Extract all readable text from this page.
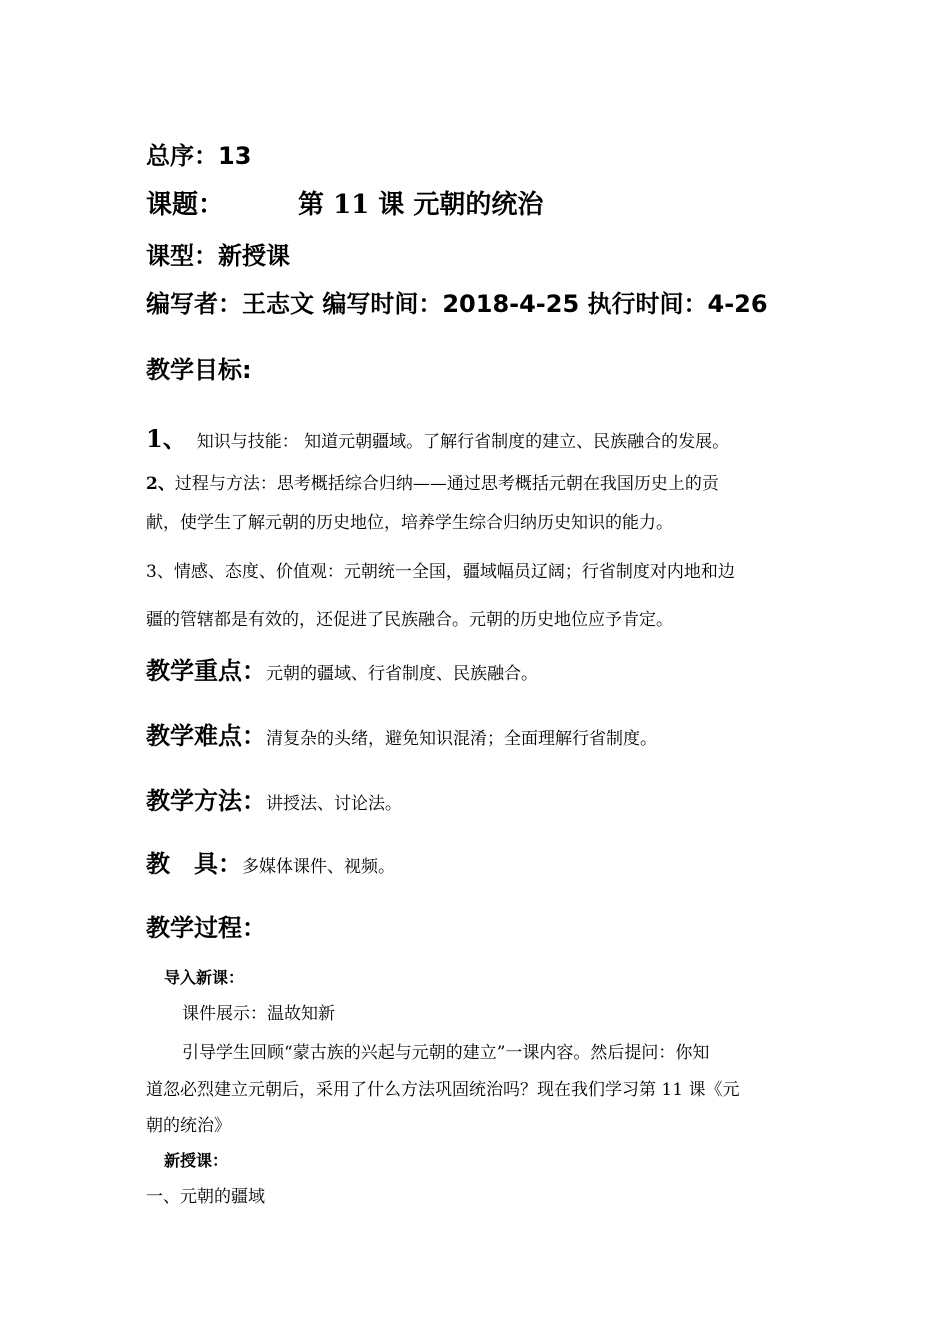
总序：13
课题：	第 11 课 元朝的统治
课型：新授课
编写者：王志文 编写时间：2018-4-25 执行时间：4-26
教学目标:
1、 知识与技能： 知道元朝疆域。了解行省制度的建立、民族融合的发展。
2、过程与方法：思考概括综合归纳——通过思考概括元朝在我国历史上的贡
献，使学生了解元朝的历史地位，培养学生综合归纳历史知识的能力。
3、情感、态度、价值观：元朝统一全国，疆域幅员辽阔；行省制度对内地和边
疆的管辖都是有效的，还促进了民族融合。元朝的历史地位应予肯定。
教学重点：元朝的疆域、行省制度、民族融合。
教学难点：清复杂的头绪，避免知识混淆；全面理解行省制度。
教学方法：讲授法、讨论法。
教 具：多媒体课件、视频。
教学过程：
导入新课：
课件展示：温故知新
引导学生回顾“蒙古族的兴起与元朝的建立”一课内容。然后提问：你知
道忽必烈建立元朝后，采用了什么方法巩固统治吗？现在我们学习第 11 课《元
朝的统治》
新授课：
一、元朝的疆域
